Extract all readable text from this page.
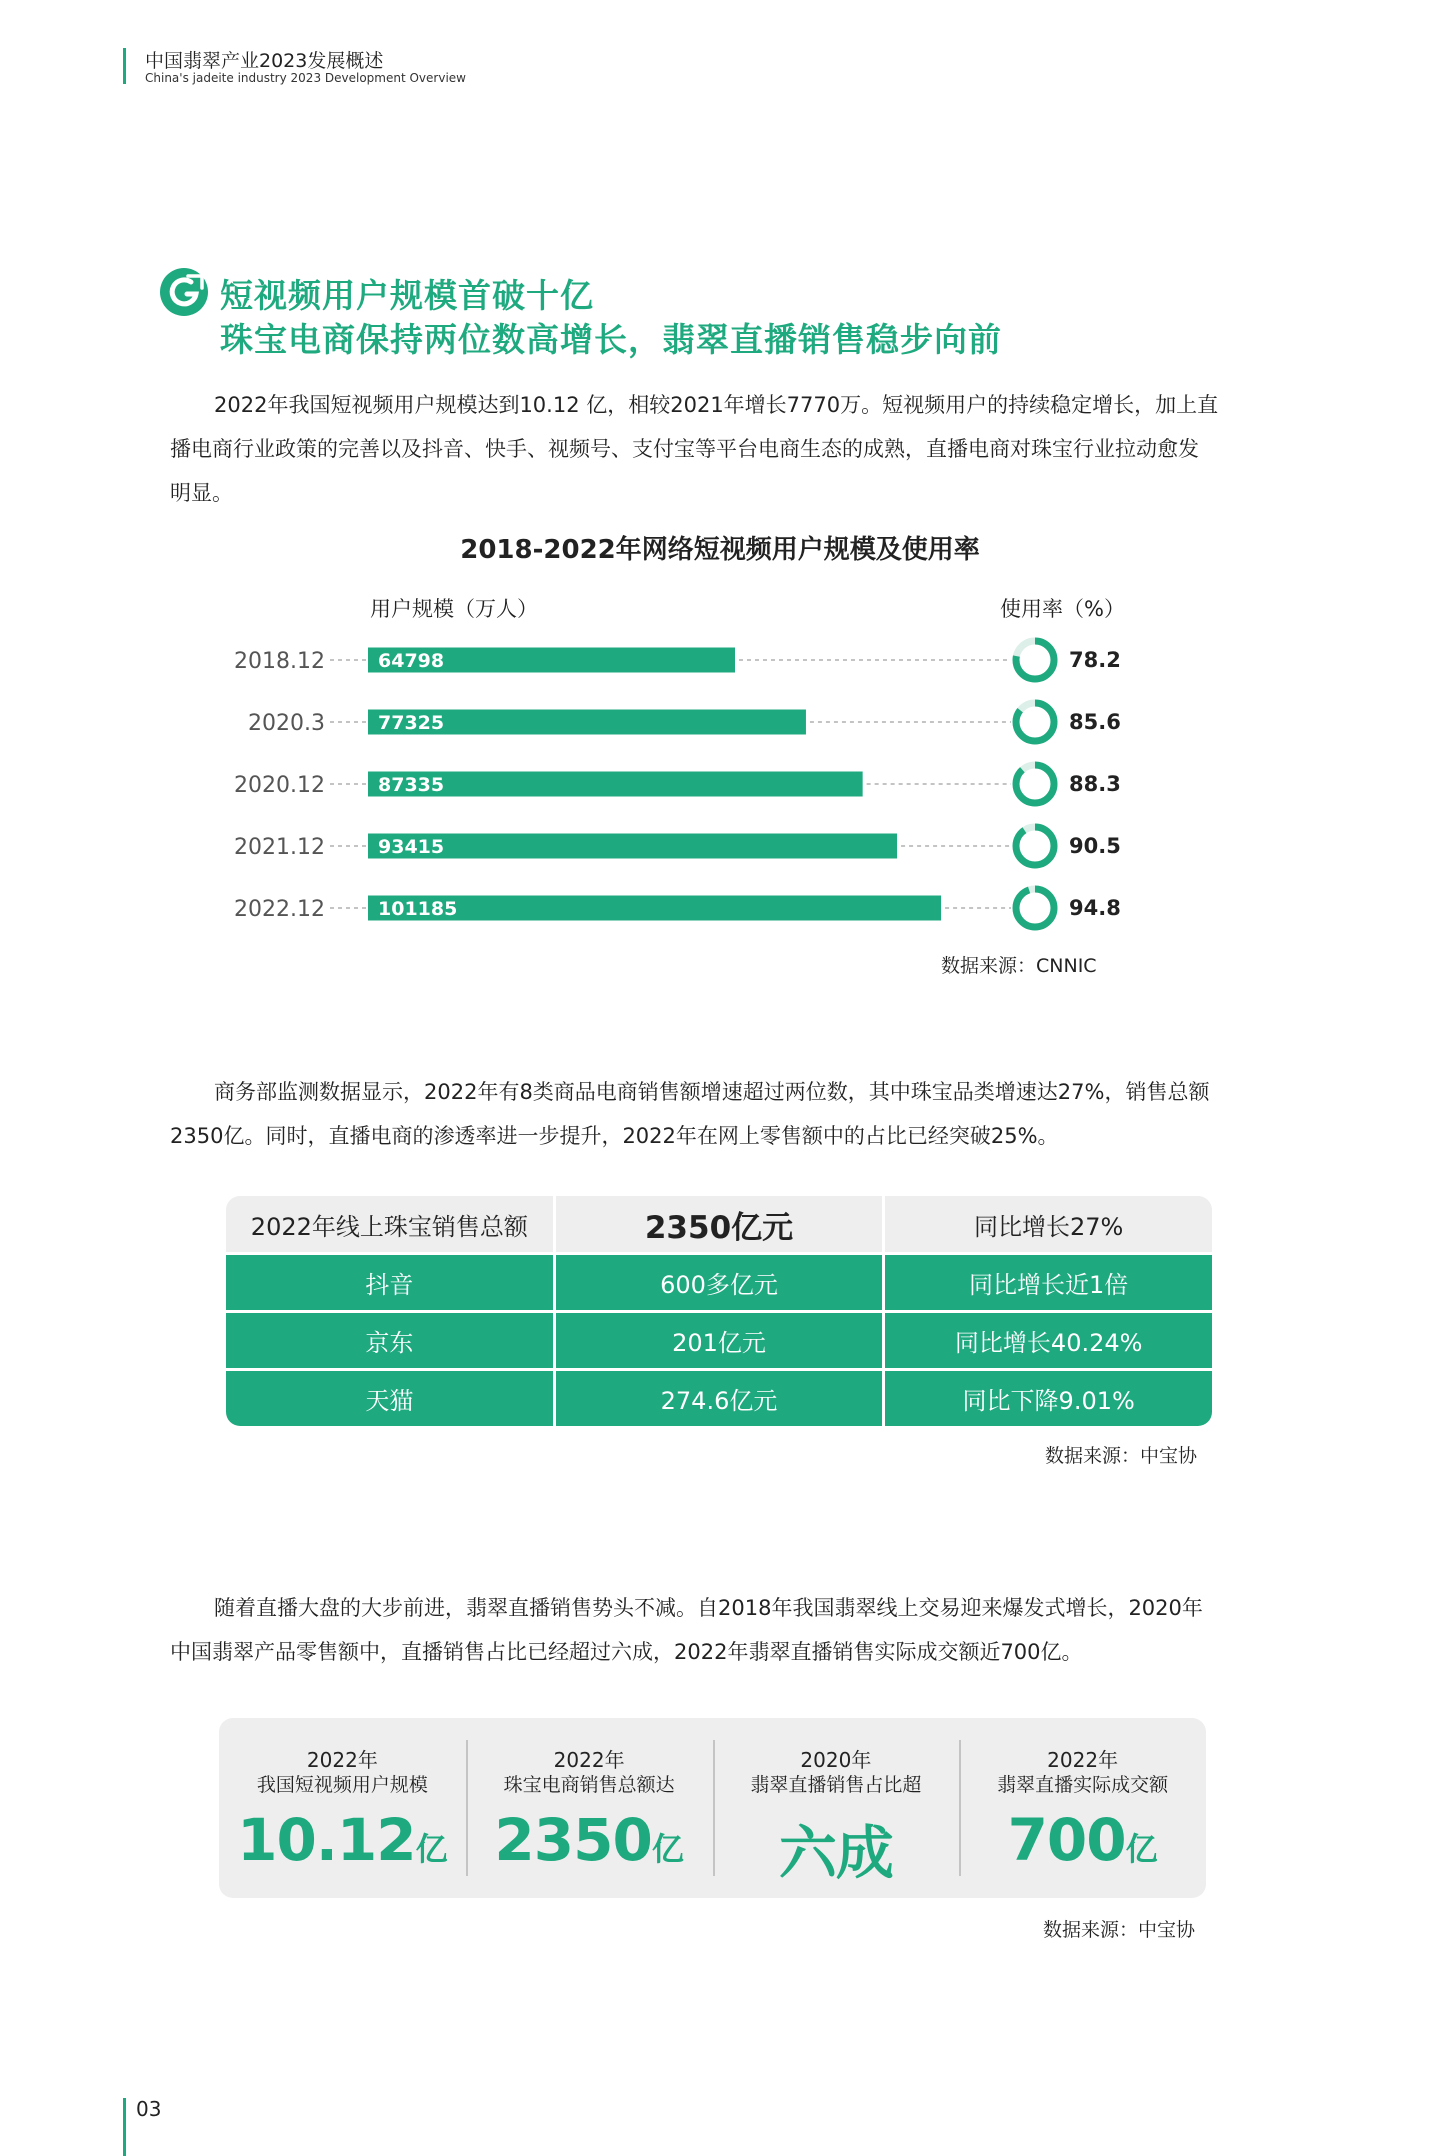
中国翡翠产业2023发展概述
China's jadeite industry 2023 Development Overview
短视频用户规模首破十亿
珠宝电商保持两位数高增长，翡翠直播销售稳步向前
2022年我国短视频用户规模达到10.12 亿，相较2021年增长7770万。短视频用户的持续稳定增长，加上直
播电商行业政策的完善以及抖音、快手、视频号、支付宝等平台电商生态的成熟，直播电商对珠宝行业拉动愈发
明显。
2018-2022年网络短视频用户规模及使用率
用户规模（万人）	使用率（%）
2018.12	64798	78.2
2020.3	77325	85.6
2020.12	87335	88.3
2021.12	93415	90.5
2022.12	101185	94.8
数据来源：CNNIC
商务部监测数据显示，2022年有8类商品电商销售额增速超过两位数，其中珠宝品类增速达27%，销售总额
2350亿。同时，直播电商的渗透率进一步提升，2022年在网上零售额中的占比已经突破25%。
2022年线上珠宝销售总额	2350亿元	同比增长27%
抖音	600多亿元	同比增长近1倍
京东	201亿元	同比增长40.24%
天猫	274.6亿元	同比下降9.01%
数据来源：中宝协
随着直播大盘的大步前进，翡翠直播销售势头不减。自2018年我国翡翠线上交易迎来爆发式增长，2020年
中国翡翠产品零售额中，直播销售占比已经超过六成，2022年翡翠直播销售实际成交额近700亿。
2022年
我国短视频用户规模
10.12亿
2022年
珠宝电商销售总额达
2350亿
2020年
翡翠直播销售占比超
六成
2022年
翡翠直播实际成交额
700亿
数据来源：中宝协
03
